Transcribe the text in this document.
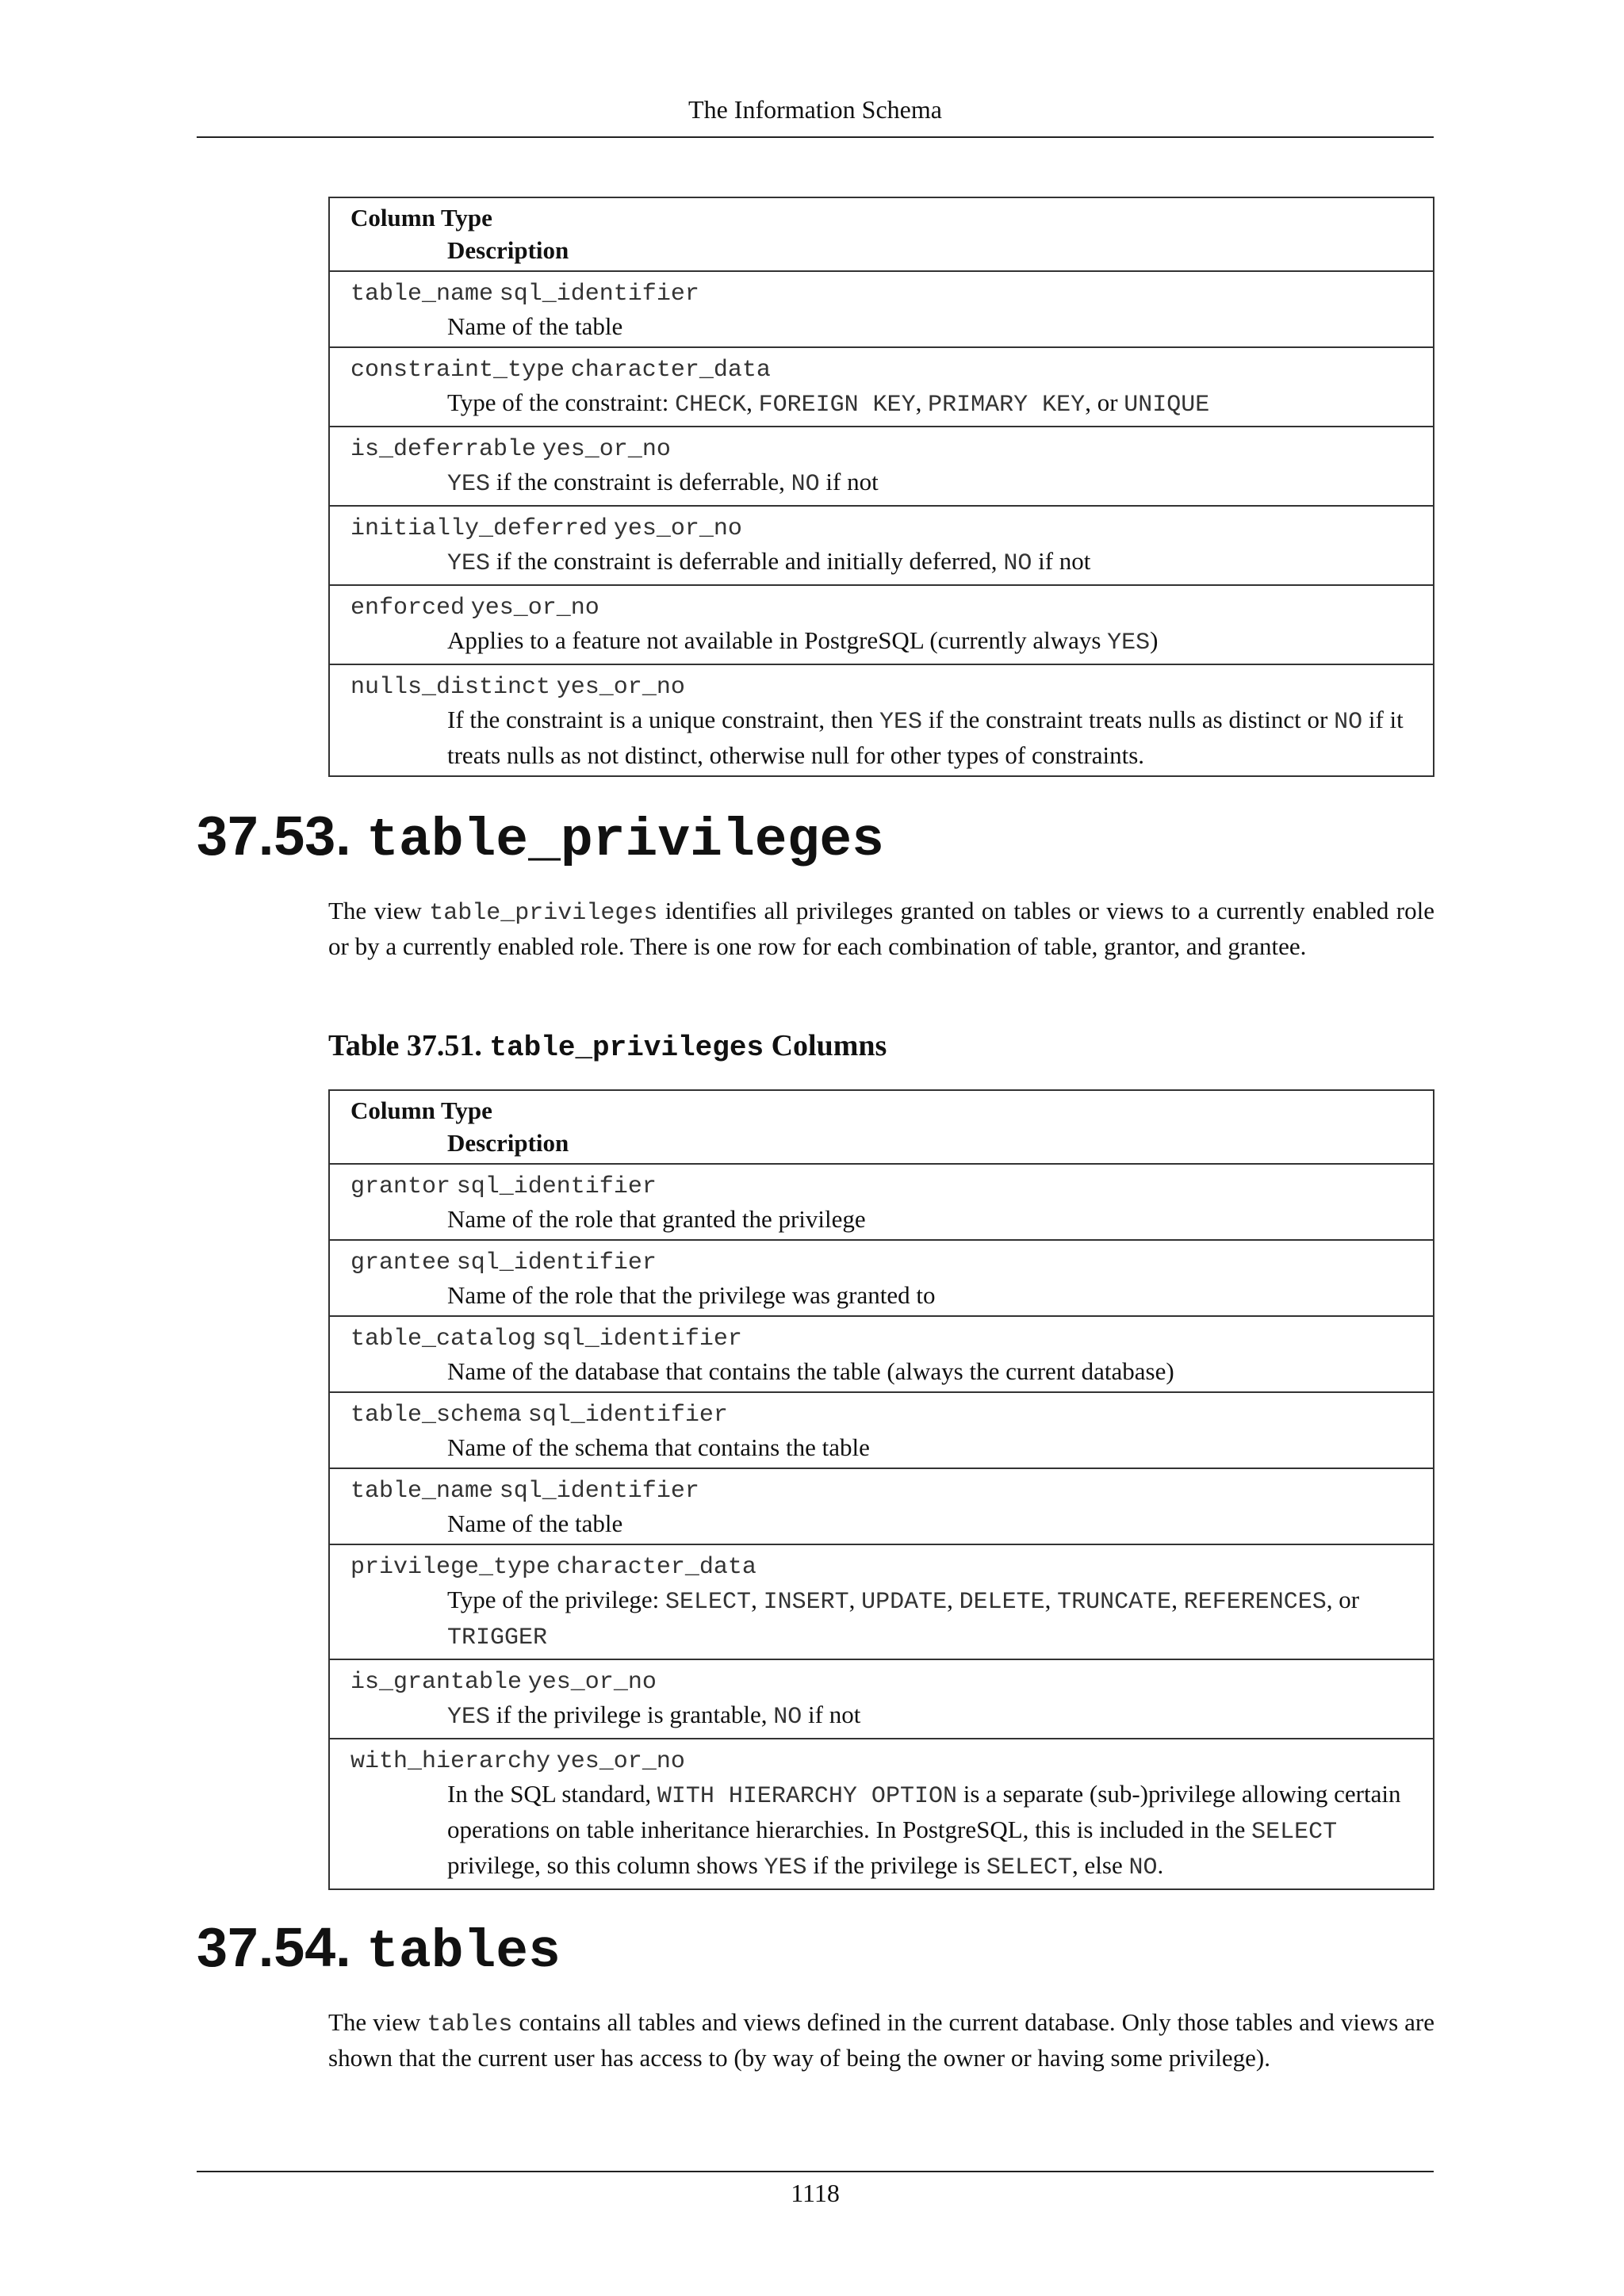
The Information Schema
Column Type
Description

table_name sql_identifier
Name of the table

constraint_type character_data
Type of the constraint: CHECK, FOREIGN KEY, PRIMARY KEY, or UNIQUE

is_deferrable yes_or_no
YES if the constraint is deferrable, NO if not

initially_deferred yes_or_no
YES if the constraint is deferrable and initially deferred, NO if not

enforced yes_or_no
Applies to a feature not available in PostgreSQL (currently always YES)

nulls_distinct yes_or_no
If the constraint is a unique constraint, then YES if the constraint treats nulls as distinct or NO if it treats nulls as not distinct, otherwise null for other types of constraints.
37.53. table_privileges
The view table_privileges identifies all privileges granted on tables or views to a currently enabled role or by a currently enabled role. There is one row for each combination of table, grantor, and grantee.
Table 37.51. table_privileges Columns
Column Type
Description

grantor sql_identifier
Name of the role that granted the privilege

grantee sql_identifier
Name of the role that the privilege was granted to

table_catalog sql_identifier
Name of the database that contains the table (always the current database)

table_schema sql_identifier
Name of the schema that contains the table

table_name sql_identifier
Name of the table

privilege_type character_data
Type of the privilege: SELECT, INSERT, UPDATE, DELETE, TRUNCATE, REFERENCES, or TRIGGER

is_grantable yes_or_no
YES if the privilege is grantable, NO if not

with_hierarchy yes_or_no
In the SQL standard, WITH HIERARCHY OPTION is a separate (sub-)privilege allowing certain operations on table inheritance hierarchies. In PostgreSQL, this is included in the SELECT privilege, so this column shows YES if the privilege is SELECT, else NO.
37.54. tables
The view tables contains all tables and views defined in the current database. Only those tables and views are shown that the current user has access to (by way of being the owner or having some privilege).
1118
